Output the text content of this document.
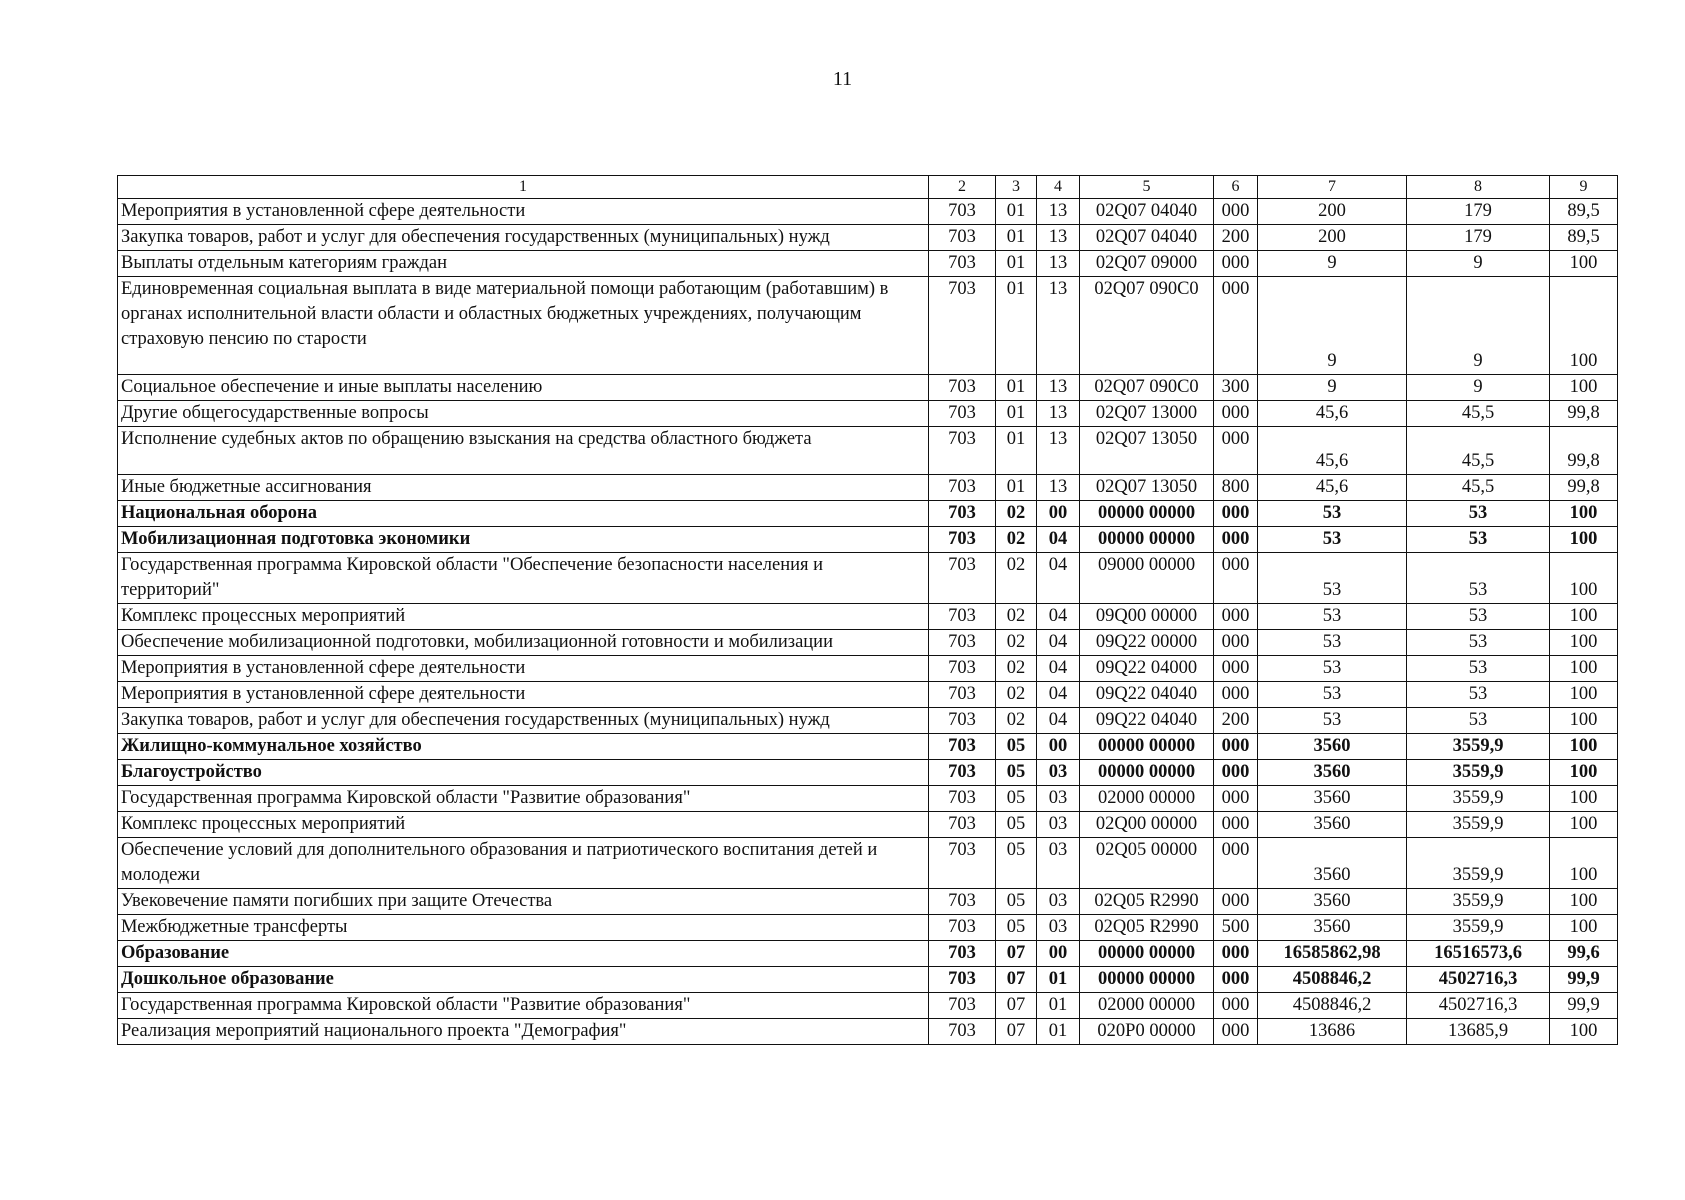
11
1	2	3	4	5	6	7	8	9
Мероприятия в установленной сфере деятельности	703	01	13	02Q07 04040	000	200	179	89,5
Закупка товаров, работ и услуг для обеспечения государственных (муниципальных) нужд	703	01	13	02Q07 04040	200	200	179	89,5
Выплаты отдельным категориям граждан	703	01	13	02Q07 09000	000	9	9	100
Единовременная социальная выплата в виде материальной помощи работающим (работавшим) в органах исполнительной власти области и областных бюджетных учреждениях, получающим страховую пенсию по старости	703	01	13	02Q07 090C0	000	9	9	100
Социальное обеспечение и иные выплаты населению	703	01	13	02Q07 090C0	300	9	9	100
Другие общегосударственные вопросы	703	01	13	02Q07 13000	000	45,6	45,5	99,8
Исполнение судебных актов по обращению взыскания на средства областного бюджета	703	01	13	02Q07 13050	000	45,6	45,5	99,8
Иные бюджетные ассигнования	703	01	13	02Q07 13050	800	45,6	45,5	99,8
Национальная оборона	703	02	00	00000 00000	000	53	53	100
Мобилизационная подготовка экономики	703	02	04	00000 00000	000	53	53	100
Государственная программа Кировской области "Обеспечение безопасности населения и территорий"	703	02	04	09000 00000	000	53	53	100
Комплекс процессных мероприятий	703	02	04	09Q00 00000	000	53	53	100
Обеспечение мобилизационной подготовки, мобилизационной готовности и мобилизации	703	02	04	09Q22 00000	000	53	53	100
Мероприятия в установленной сфере деятельности	703	02	04	09Q22 04000	000	53	53	100
Мероприятия в установленной сфере деятельности	703	02	04	09Q22 04040	000	53	53	100
Закупка товаров, работ и услуг для обеспечения государственных (муниципальных) нужд	703	02	04	09Q22 04040	200	53	53	100
Жилищно-коммунальное хозяйство	703	05	00	00000 00000	000	3560	3559,9	100
Благоустройство	703	05	03	00000 00000	000	3560	3559,9	100
Государственная программа Кировской области "Развитие образования"	703	05	03	02000 00000	000	3560	3559,9	100
Комплекс процессных мероприятий	703	05	03	02Q00 00000	000	3560	3559,9	100
Обеспечение условий для дополнительного образования и патриотического воспитания детей и молодежи	703	05	03	02Q05 00000	000	3560	3559,9	100
Увековечение памяти погибших при защите Отечества	703	05	03	02Q05 R2990	000	3560	3559,9	100
Межбюджетные трансферты	703	05	03	02Q05 R2990	500	3560	3559,9	100
Образование	703	07	00	00000 00000	000	16585862,98	16516573,6	99,6
Дошкольное образование	703	07	01	00000 00000	000	4508846,2	4502716,3	99,9
Государственная программа Кировской области "Развитие образования"	703	07	01	02000 00000	000	4508846,2	4502716,3	99,9
Реализация мероприятий национального проекта "Демография"	703	07	01	020P0 00000	000	13686	13685,9	100
